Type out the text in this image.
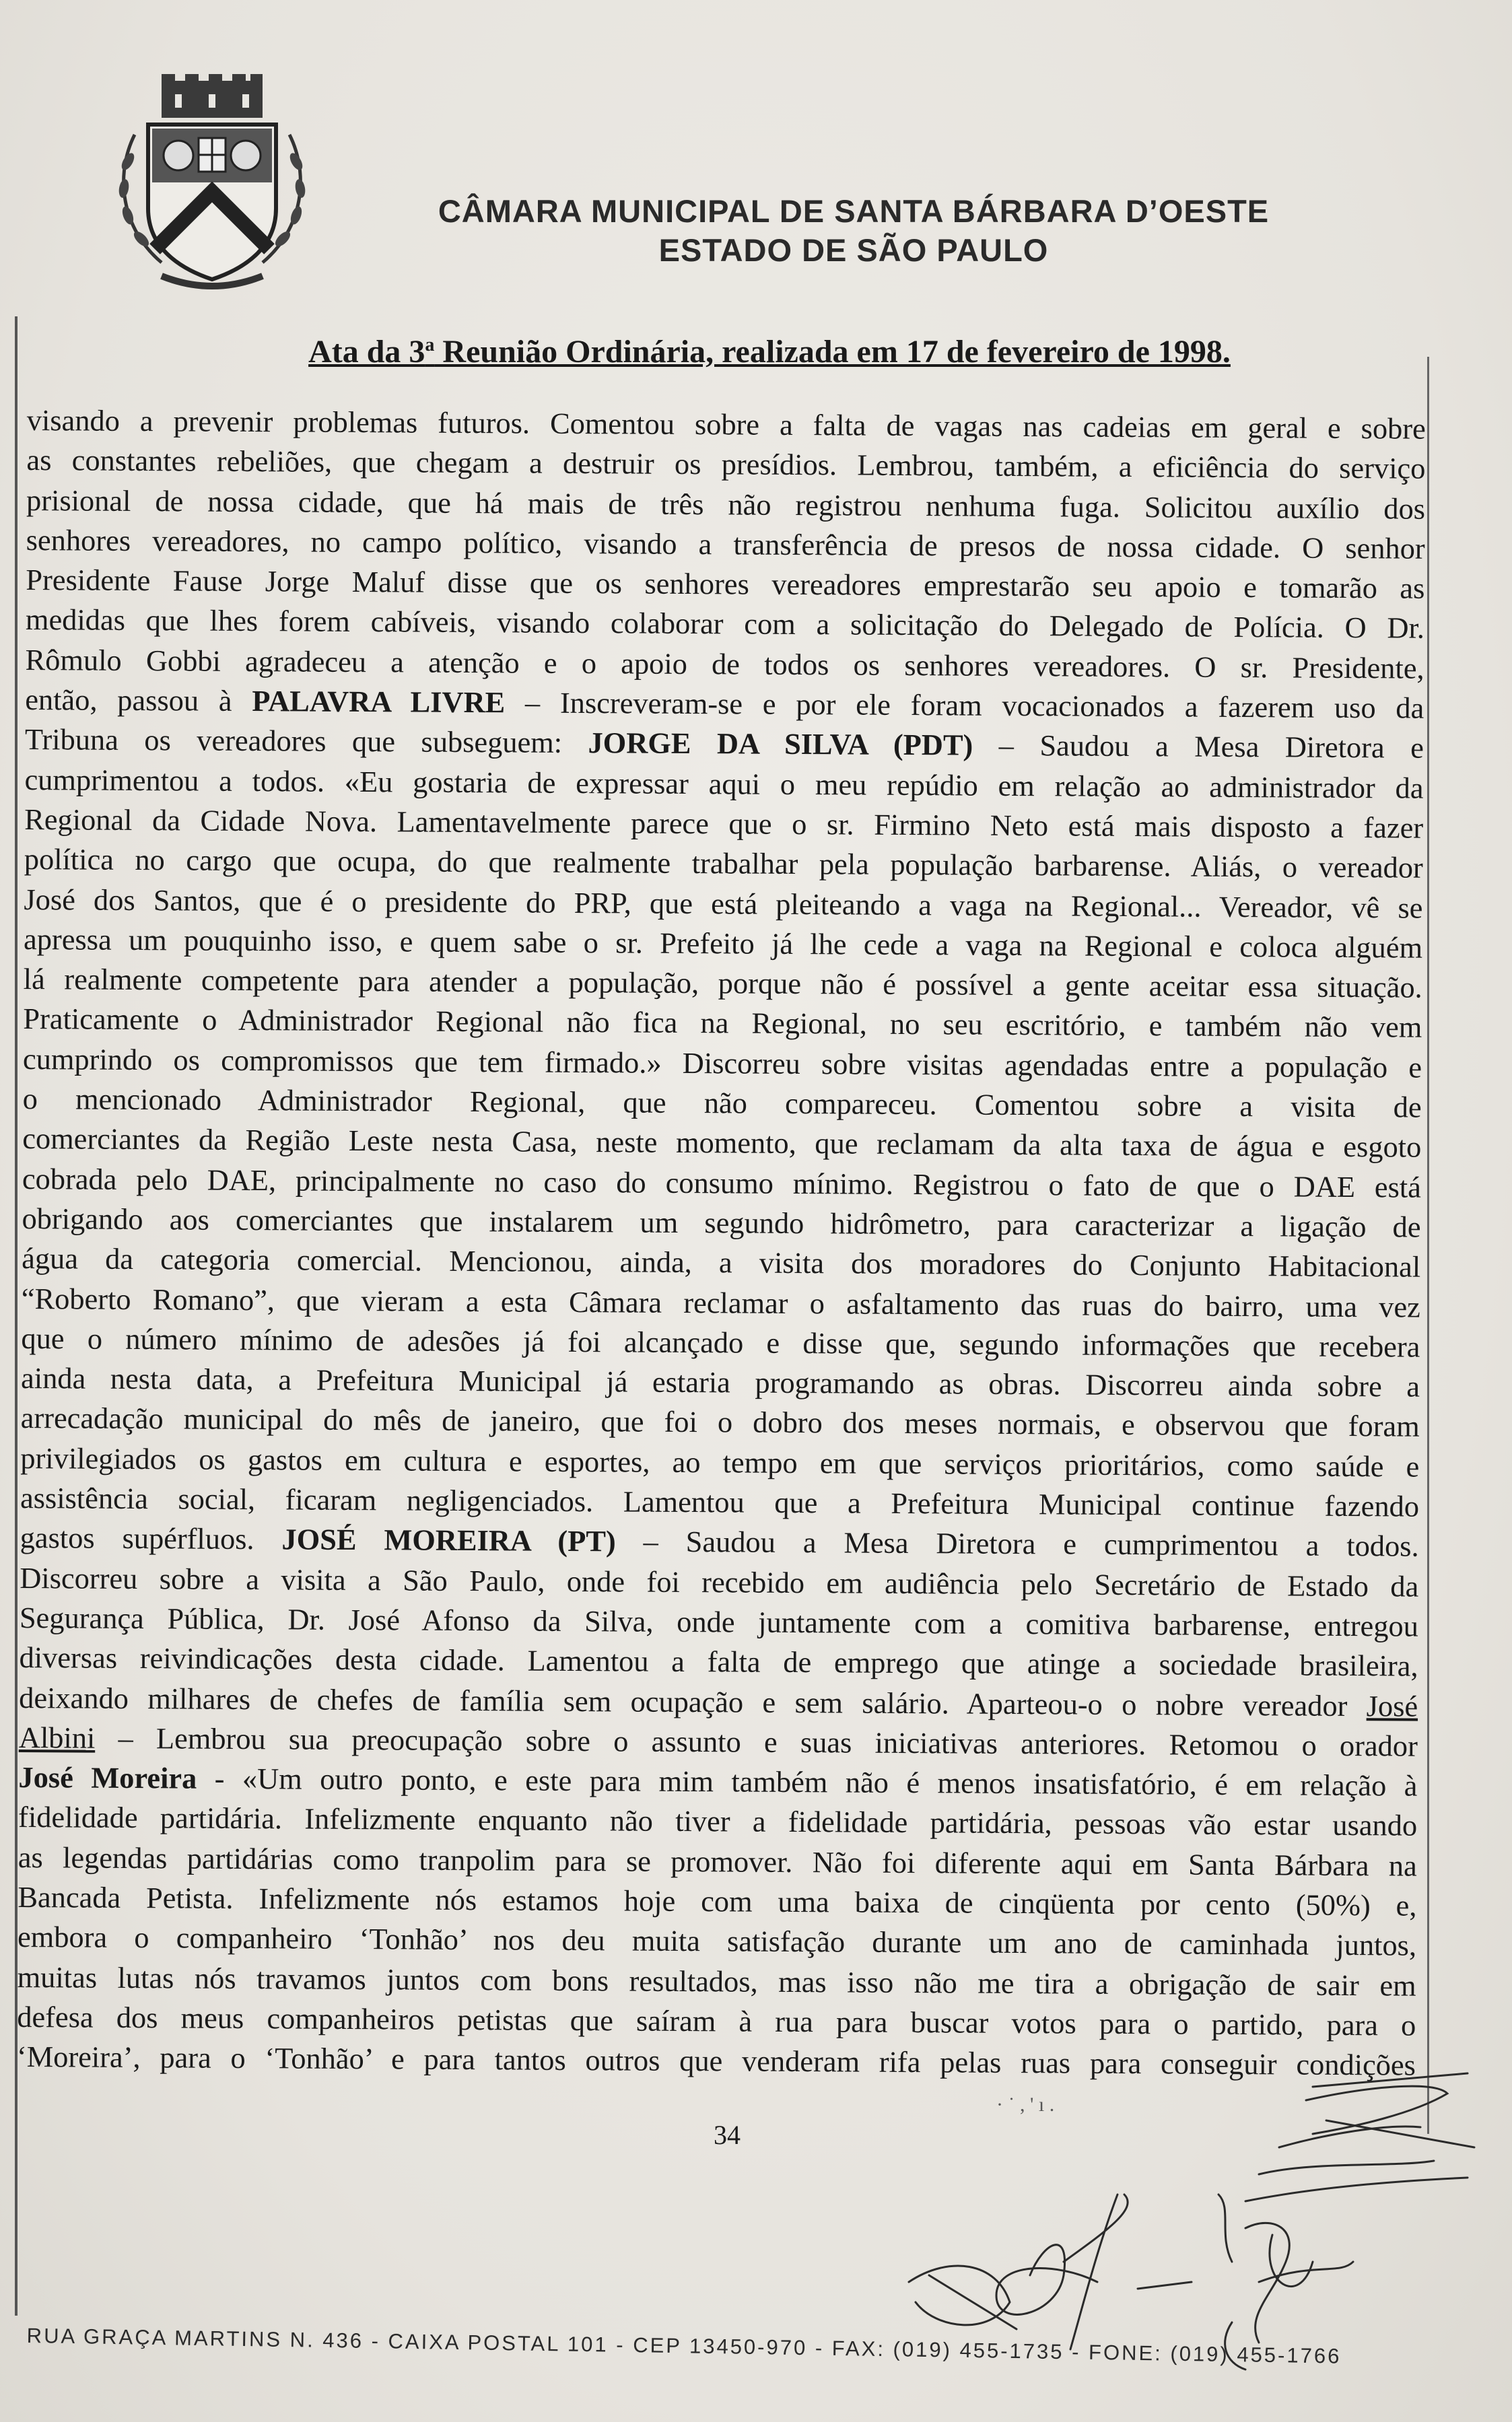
CÂMARA MUNICIPAL DE SANTA BÁRBARA D’OESTE
ESTADO DE SÃO PAULO
Ata da 3$^a$ Reunião Ordinária, realizada em 17 de fevereiro de 1998.
visando a prevenir problemas futuros. Comentou sobre a falta de vagas nas cadeias em geral e sobre
as constantes rebeliões, que chegam a destruir os presídios. Lembrou, também, a eficiência do serviço
prisional de nossa cidade, que há mais de três não registrou nenhuma fuga. Solicitou auxílio dos
senhores vereadores, no campo político, visando a transferência de presos de nossa cidade. O senhor
Presidente Fause Jorge Maluf disse que os senhores vereadores emprestarão seu apoio e tomarão as
medidas que lhes forem cabíveis, visando colaborar com a solicitação do Delegado de Polícia. O Dr.
Rômulo Gobbi agradeceu a atenção e o apoio de todos os senhores vereadores. O sr. Presidente,
então, passou à PALAVRA LIVRE – Inscreveram-se e por ele foram vocacionados a fazerem uso da
Tribuna os vereadores que subseguem: JORGE DA SILVA (PDT) – Saudou a Mesa Diretora e
cumprimentou a todos. «Eu gostaria de expressar aqui o meu repúdio em relação ao administrador da
Regional da Cidade Nova. Lamentavelmente parece que o sr. Firmino Neto está mais disposto a fazer
política no cargo que ocupa, do que realmente trabalhar pela população barbarense. Aliás, o vereador
José dos Santos, que é o presidente do PRP, que está pleiteando a vaga na Regional... Vereador, vê se
apressa um pouquinho isso, e quem sabe o sr. Prefeito já lhe cede a vaga na Regional e coloca alguém
lá realmente competente para atender a população, porque não é possível a gente aceitar essa situação.
Praticamente o Administrador Regional não fica na Regional, no seu escritório, e também não vem
cumprindo os compromissos que tem firmado.» Discorreu sobre visitas agendadas entre a população e
o mencionado Administrador Regional, que não compareceu. Comentou sobre a visita de
comerciantes da Região Leste nesta Casa, neste momento, que reclamam da alta taxa de água e esgoto
cobrada pelo DAE, principalmente no caso do consumo mínimo. Registrou o fato de que o DAE está
obrigando aos comerciantes que instalarem um segundo hidrômetro, para caracterizar a ligação de
água da categoria comercial. Mencionou, ainda, a visita dos moradores do Conjunto Habitacional
“Roberto Romano”, que vieram a esta Câmara reclamar o asfaltamento das ruas do bairro, uma vez
que o número mínimo de adesões já foi alcançado e disse que, segundo informações que recebera
ainda nesta data, a Prefeitura Municipal já estaria programando as obras. Discorreu ainda sobre a
arrecadação municipal do mês de janeiro, que foi o dobro dos meses normais, e observou que foram
privilegiados os gastos em cultura e esportes, ao tempo em que serviços prioritários, como saúde e
assistência social, ficaram negligenciados. Lamentou que a Prefeitura Municipal continue fazendo
gastos supérfluos. JOSÉ MOREIRA (PT) – Saudou a Mesa Diretora e cumprimentou a todos.
Discorreu sobre a visita a São Paulo, onde foi recebido em audiência pelo Secretário de Estado da
Segurança Pública, Dr. José Afonso da Silva, onde juntamente com a comitiva barbarense, entregou
diversas reivindicações desta cidade. Lamentou a falta de emprego que atinge a sociedade brasileira,
deixando milhares de chefes de família sem ocupação e sem salário. Aparteou-o o nobre vereador José
Albini – Lembrou sua preocupação sobre o assunto e suas iniciativas anteriores. Retomou o orador
José Moreira - «Um outro ponto, e este para mim também não é menos insatisfatório, é em relação à
fidelidade partidária. Infelizmente enquanto não tiver a fidelidade partidária, pessoas vão estar usando
as legendas partidárias como tranpolim para se promover. Não foi diferente aqui em Santa Bárbara na
Bancada Petista. Infelizmente nós estamos hoje com uma baixa de cinqüenta por cento (50%) e,
embora o companheiro ‘Tonhão’ nos deu muita satisfação durante um ano de caminhada juntos,
muitas lutas nós travamos juntos com bons resultados, mas isso não me tira a obrigação de sair em
defesa dos meus companheiros petistas que saíram à rua para buscar votos para o partido, para o
‘Moreira’, para o ‘Tonhão’ e para tantos outros que venderam rifa pelas ruas para conseguir condições
· ˙ , ' ı .
34
RUA GRAÇA MARTINS N. 436 - CAIXA POSTAL 101 - CEP 13450-970 - FAX: (019) 455-1735 - FONE: (019) 455-1766
